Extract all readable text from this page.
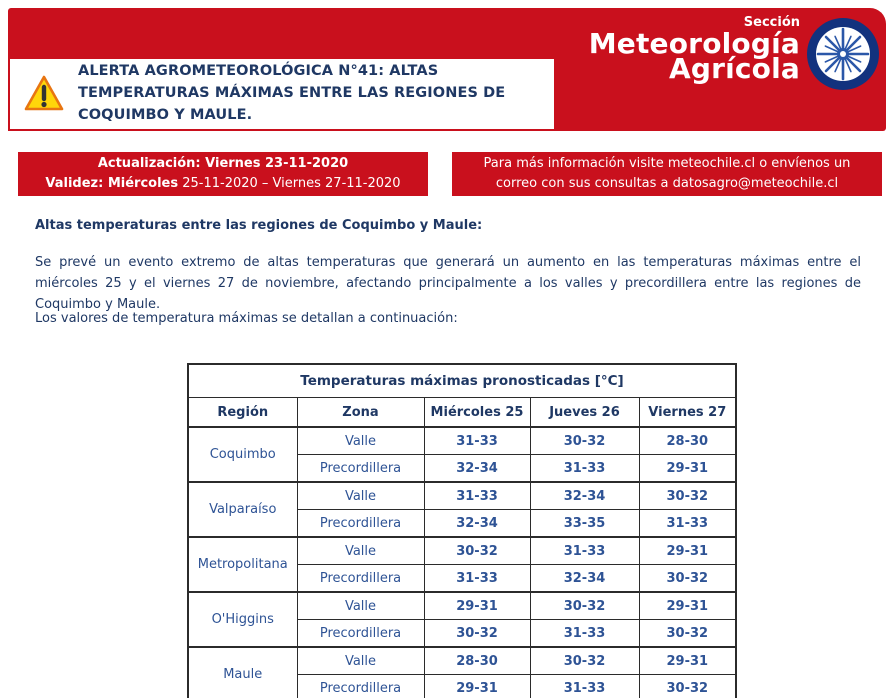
Sección
Meteorología
Agrícola
ALERTA AGROMETEOROLÓGICA N°41: ALTAS TEMPERATURAS MÁXIMAS ENTRE LAS REGIONES DE COQUIMBO Y MAULE.
Actualización: Viernes 23-11-2020
Validez: Miércoles 25-11-2020 – Viernes 27-11-2020
Para más información visite meteochile.cl o envíenos un
correo con sus consultas a datosagro@meteochile.cl
Altas temperaturas entre las regiones de Coquimbo y Maule:

Se prevé un evento extremo de altas temperaturas que generará un aumento en las temperaturas máximas entre el miércoles 25 y el viernes 27 de noviembre, afectando principalmente a los valles y precordillera entre las regiones de Coquimbo y Maule.

Los valores de temperatura máximas se detallan a continuación:
Temperaturas máximas pronosticadas [°C]				
Región	Zona	Miércoles 25	Jueves 26	Viernes 27
Coquimbo	Valle	31-33	30-32	28-30
	Precordillera	32-34	31-33	29-31
Valparaíso	Valle	31-33	32-34	30-32
	Precordillera	32-34	33-35	31-33
Metropolitana	Valle	30-32	31-33	29-31
	Precordillera	31-33	32-34	30-32
O'Higgins	Valle	29-31	30-32	29-31
	Precordillera	30-32	31-33	30-32
Maule	Valle	28-30	30-32	29-31
	Precordillera	29-31	31-33	30-32
